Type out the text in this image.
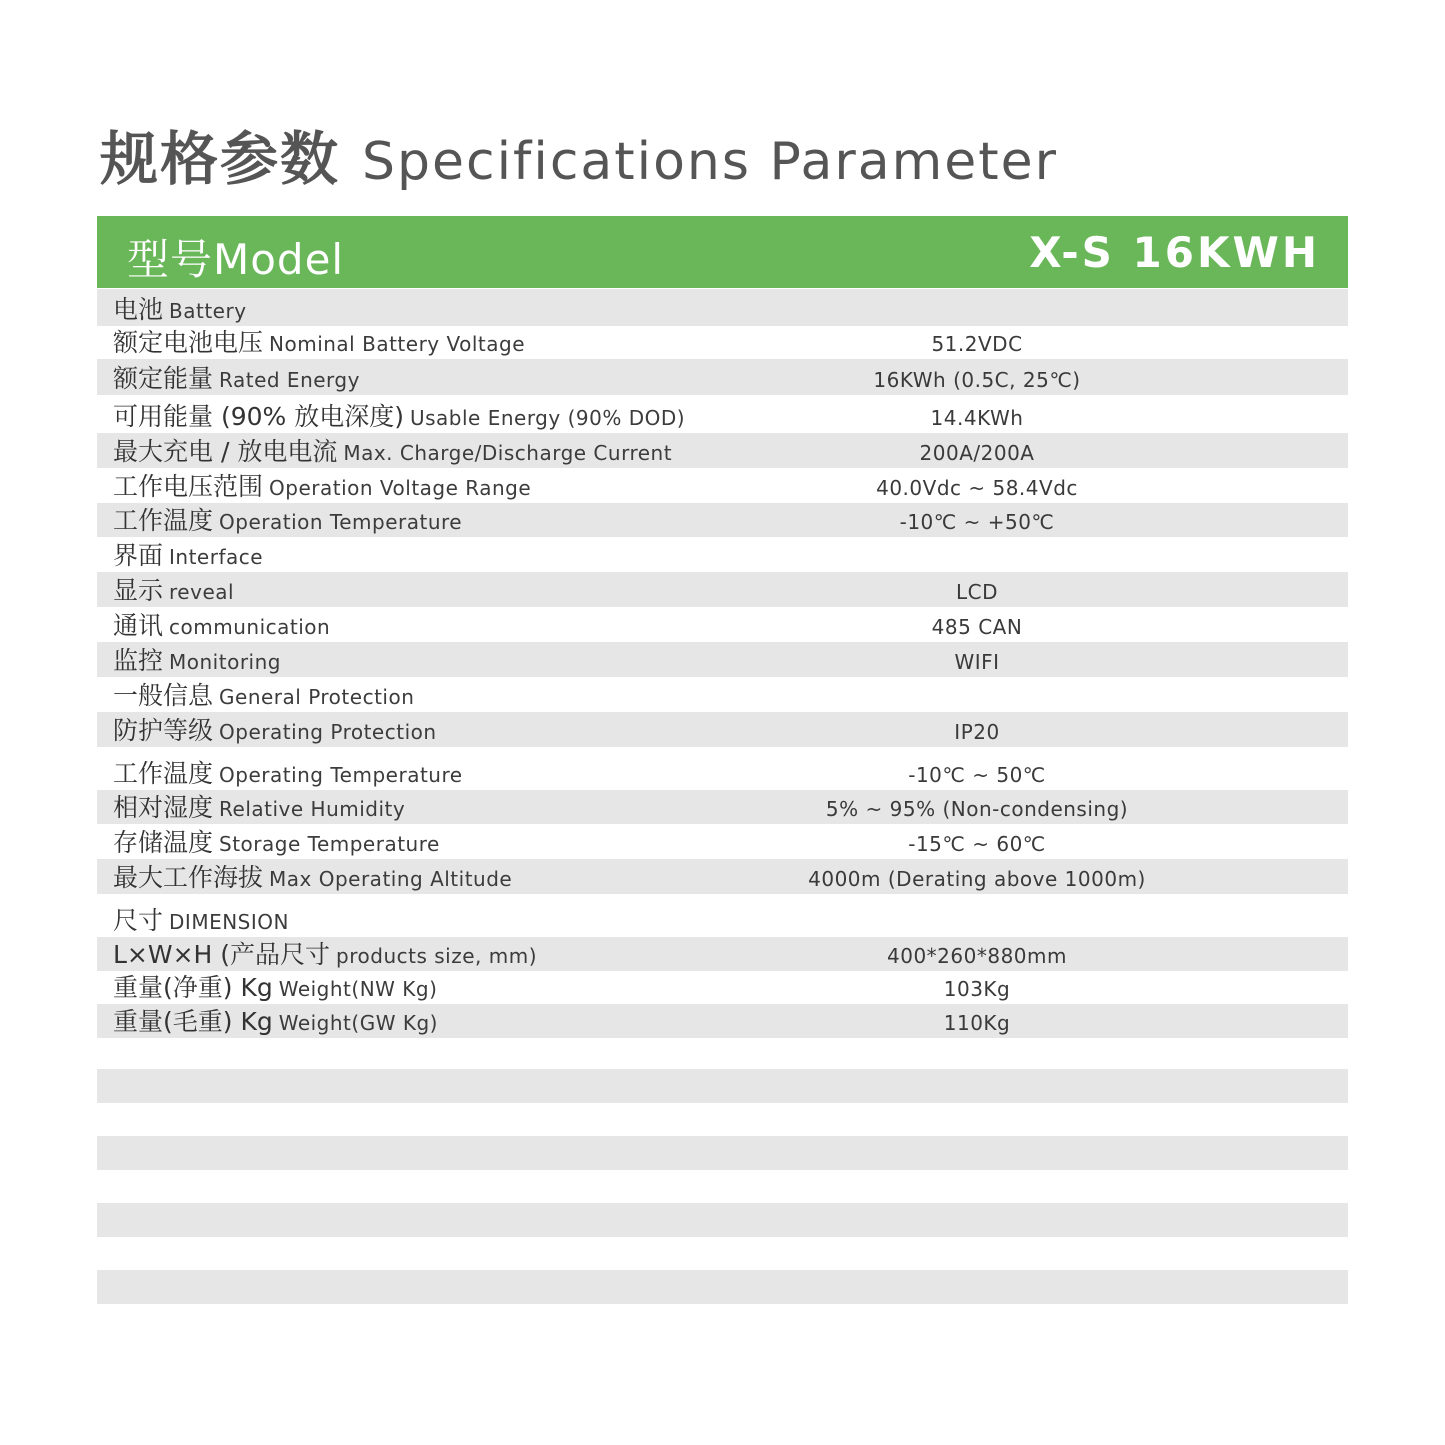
规格参数 Specifications Parameter
型号Model	X-S 16KWH
电池 Battery
额定电池电压 Nominal Battery Voltage	51.2VDC
额定能量 Rated Energy	16KWh (0.5C, 25℃)
可用能量 (90% 放电深度) Usable Energy (90% DOD)	14.4KWh
最大充电 / 放电电流 Max. Charge/Discharge Current	200A/200A
工作电压范围 Operation Voltage Range	40.0Vdc ~ 58.4Vdc
工作温度 Operation Temperature	-10℃ ~ +50℃
界面 Interface
显示 reveal	LCD
通讯 communication	485 CAN
监控 Monitoring	WIFI
一般信息 General Protection
防护等级 Operating Protection	IP20
工作温度 Operating Temperature	-10℃ ~ 50℃
相对湿度 Relative Humidity	5% ~ 95% (Non-condensing)
存储温度 Storage Temperature	-15℃ ~ 60℃
最大工作海拔 Max Operating Altitude	4000m (Derating above 1000m)
尺寸 DIMENSION
L×W×H (产品尺寸 products size, mm)	400*260*880mm
重量(净重) Kg Weight(NW Kg)	103Kg
重量(毛重) Kg Weight(GW Kg)	110Kg
